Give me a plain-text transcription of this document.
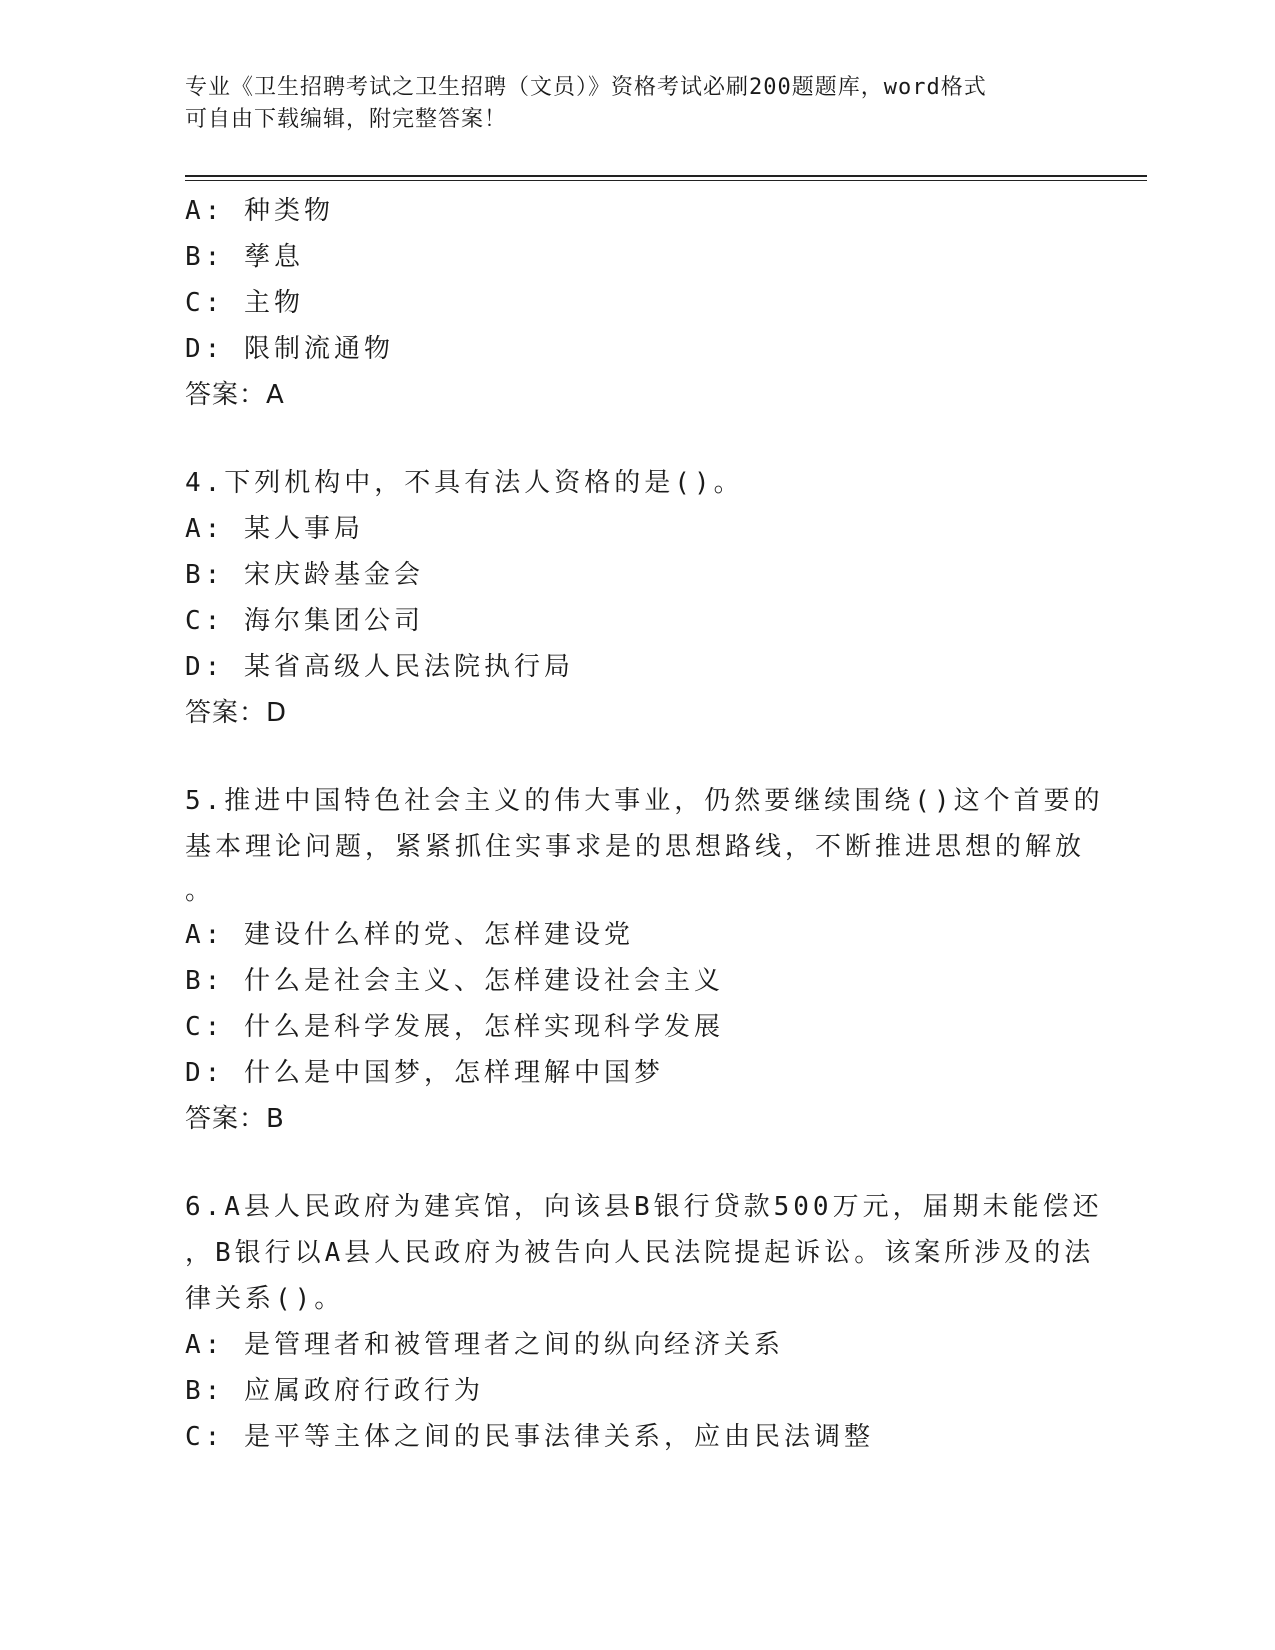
专业《卫生招聘考试之卫生招聘（文员）》资格考试必刷200题题库，word格式
可自由下载编辑，附完整答案！
A: 种类物
B: 孳息
C: 主物
D: 限制流通物
答案：A
4.下列机构中，不具有法人资格的是()。
A: 某人事局
B: 宋庆龄基金会
C: 海尔集团公司
D: 某省高级人民法院执行局
答案：D
5.推进中国特色社会主义的伟大事业，仍然要继续围绕()这个首要的
基本理论问题，紧紧抓住实事求是的思想路线，不断推进思想的解放
。
A: 建设什么样的党、怎样建设党
B: 什么是社会主义、怎样建设社会主义
C: 什么是科学发展，怎样实现科学发展
D: 什么是中国梦，怎样理解中国梦
答案：B
6.A县人民政府为建宾馆，向该县B银行贷款500万元，届期未能偿还
，B银行以A县人民政府为被告向人民法院提起诉讼。该案所涉及的法
律关系()。
A: 是管理者和被管理者之间的纵向经济关系
B: 应属政府行政行为
C: 是平等主体之间的民事法律关系，应由民法调整
